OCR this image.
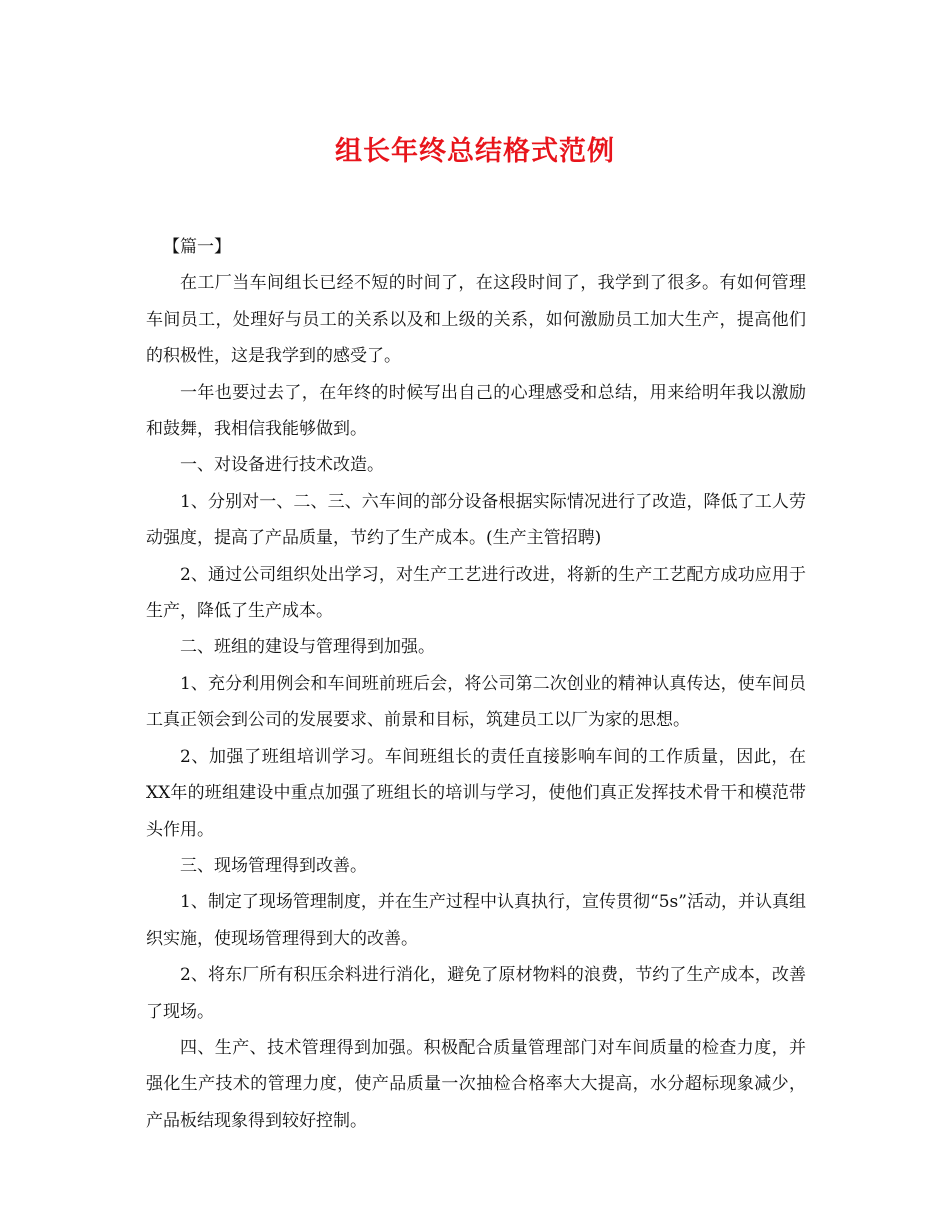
组长年终总结格式范例

【篇一】

在工厂当车间组长已经不短的时间了，在这段时间了，我学到了很多。有如何管理车间员工，处理好与员工的关系以及和上级的关系，如何激励员工加大生产，提高他们的积极性，这是我学到的感受了。

一年也要过去了，在年终的时候写出自己的心理感受和总结，用来给明年我以激励和鼓舞，我相信我能够做到。

一、对设备进行技术改造。

1、分别对一、二、三、六车间的部分设备根据实际情况进行了改造，降低了工人劳动强度，提高了产品质量，节约了生产成本。(生产主管招聘)

2、通过公司组织处出学习，对生产工艺进行改进，将新的生产工艺配方成功应用于生产，降低了生产成本。

二、班组的建设与管理得到加强。

1、充分利用例会和车间班前班后会，将公司第二次创业的精神认真传达，使车间员工真正领会到公司的发展要求、前景和目标，筑建员工以厂为家的思想。

2、加强了班组培训学习。车间班组长的责任直接影响车间的工作质量，因此，在XX年的班组建设中重点加强了班组长的培训与学习，使他们真正发挥技术骨干和模范带头作用。

三、现场管理得到改善。

1、制定了现场管理制度，并在生产过程中认真执行，宣传贯彻“5s”活动，并认真组织实施，使现场管理得到大的改善。

2、将东厂所有积压余料进行消化，避免了原材物料的浪费，节约了生产成本，改善了现场。

四、生产、技术管理得到加强。积极配合质量管理部门对车间质量的检查力度，并强化生产技术的管理力度，使产品质量一次抽检合格率大大提高，水分超标现象减少，产品板结现象得到较好控制。
